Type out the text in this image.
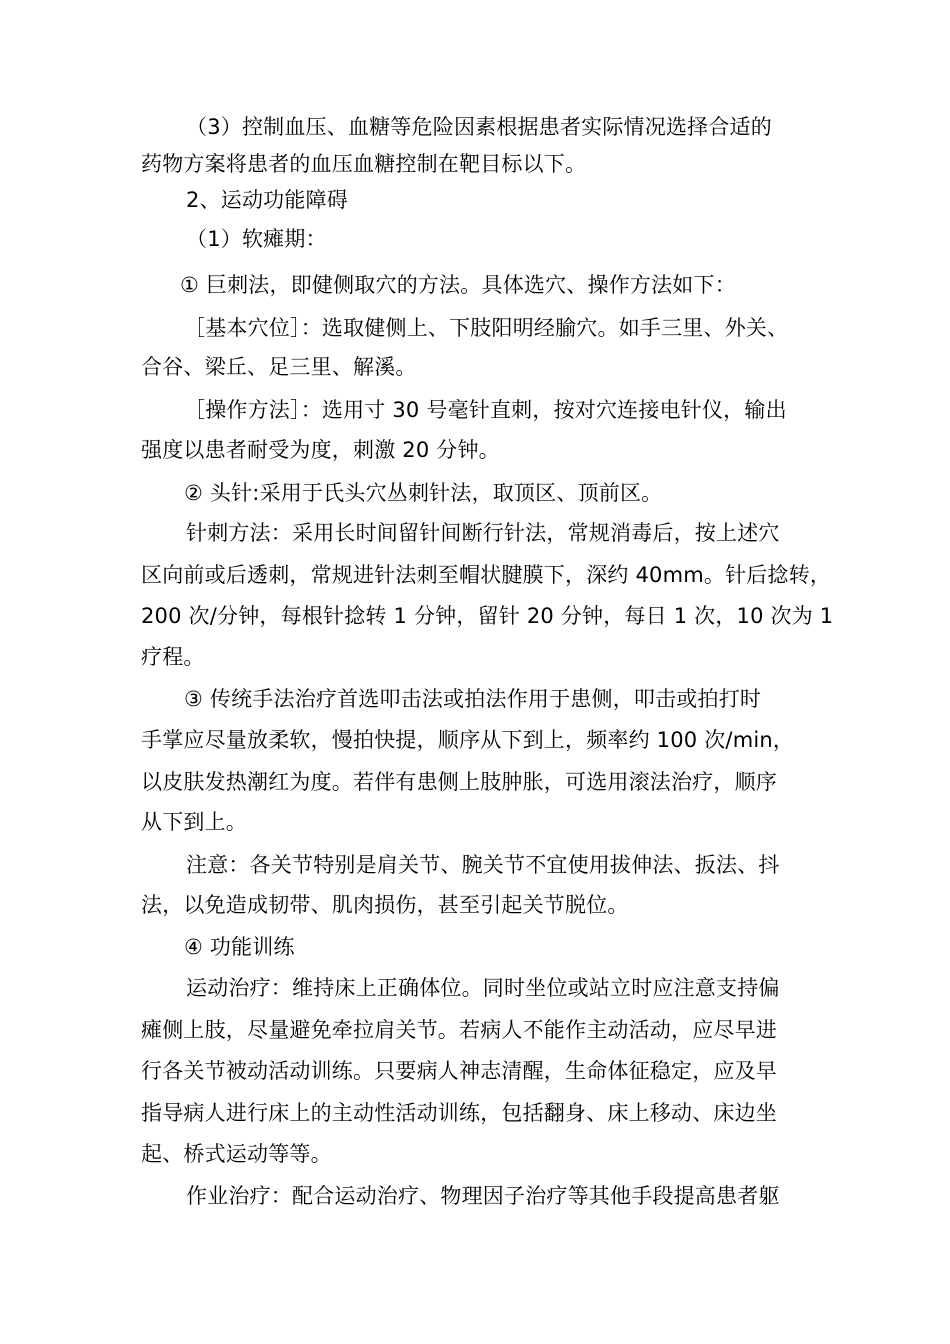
（3）控制血压、血糖等危险因素根据患者实际情况选择合适的
药物方案将患者的血压血糖控制在靶目标以下。
2、运动功能障碍
（1）软瘫期：
① 巨刺法，即健侧取穴的方法。具体选穴、操作方法如下：
［基本穴位］：选取健侧上、下肢阳明经腧穴。如手三里、外关、
合谷、梁丘、足三里、解溪。
［操作方法］：选用寸 30 号毫针直刺，按对穴连接电针仪，输出
强度以患者耐受为度，刺激 20 分钟。
② 头针:采用于氏头穴丛刺针法，取顶区、顶前区。
针刺方法：采用长时间留针间断行针法，常规消毒后，按上述穴
区向前或后透刺，常规进针法刺至帽状腱膜下，深约 40mm。针后捻转，
200 次/分钟，每根针捻转 1 分钟，留针 20 分钟，每日 1 次，10 次为 1
疗程。
③ 传统手法治疗首选叩击法或拍法作用于患侧，叩击或拍打时
手掌应尽量放柔软，慢拍快提，顺序从下到上，频率约 100 次/min，
以皮肤发热潮红为度。若伴有患侧上肢肿胀，可选用滚法治疗，顺序
从下到上。
注意：各关节特别是肩关节、腕关节不宜使用拔伸法、扳法、抖
法，以免造成韧带、肌肉损伤，甚至引起关节脱位。
④ 功能训练
运动治疗：维持床上正确体位。同时坐位或站立时应注意支持偏
瘫侧上肢，尽量避免牵拉肩关节。若病人不能作主动活动，应尽早进
行各关节被动活动训练。只要病人神志清醒，生命体征稳定，应及早
指导病人进行床上的主动性活动训练，包括翻身、床上移动、床边坐
起、桥式运动等等。
作业治疗：配合运动治疗、物理因子治疗等其他手段提高患者躯
